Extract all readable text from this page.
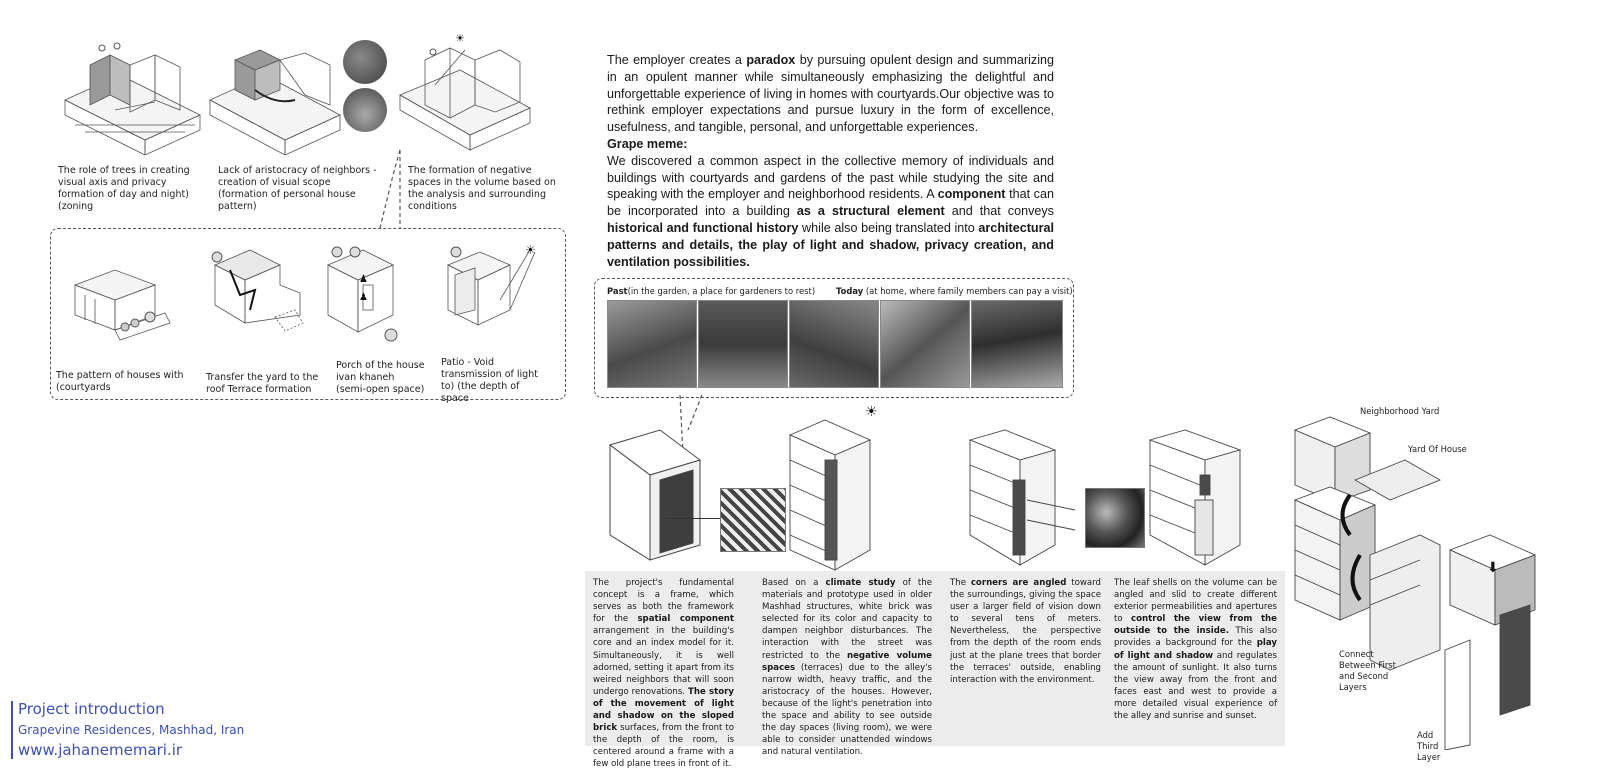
The role of trees in creating visual axis and privacy formation of day and night) (zoning
Lack of aristocracy of neighbors - creation of visual scope (formation of personal house pattern)
☀
The formation of negative spaces in the volume based on the analysis and surrounding conditions
The pattern of houses with (courtyards
Transfer the yard to the roof Terrace formation
♟
♟
Porch of the house ivan khaneh (semi-open space)
☀
Patio - Void transmission of light to) (the depth of space

The employer creates a paradox by pursuing opulent design and summarizing in an opulent manner while simultaneously emphasizing the delightful and unforgettable experience of living in homes with courtyards.Our objective was to rethink employer expectations and pursue luxury in the form of excellence, usefulness, and tangible, personal, and unforgettable experiences.

Grape meme:

We discovered a common aspect in the collective memory of individuals and buildings with courtyards and gardens of the past while studying the site and speaking with the employer and neighborhood residents. A component that can be incorporated into a building as a structural element and that conveys historical and functional history while also being translated into architectural patterns and details, the play of light and shadow, privacy creation, and ventilation possibilities.

Past(in the garden, a place for gardeners to rest) Today (at home, where family members can pay a visit)
☀
The project's fundamental concept is a frame, which serves as both the framework for the spatial component arrangement in the building's core and an index model for it. Simultaneously, it is well adorned, setting it apart from its weired neighbors that will soon undergo renovations. The story of the movement of light and shadow on the sloped brick surfaces, from the front to the depth of the room, is centered around a frame with a few old plane trees in front of it.
Based on a climate study of the materials and prototype used in older Mashhad structures, white brick was selected for its color and capacity to dampen neighbor disturbances. The interaction with the street was restricted to the negative volume spaces (terraces) due to the alley's narrow width, heavy traffic, and the aristocracy of the houses. However, because of the light's penetration into the space and ability to see outside the day spaces (living room), we were able to consider unattended windows and natural ventilation.
The corners are angled toward the surroundings, giving the space user a larger field of vision down to several tens of meters. Nevertheless, the perspective from the depth of the room ends just at the plane trees that border the terraces' outside, enabling interaction with the environment.
The leaf shells on the volume can be angled and slid to create different exterior permeabilities and apertures to control the view from the outside to the inside. This also provides a background for the play of light and shadow and regulates the amount of sunlight. It also turns the view away from the front and faces east and west to provide a more detailed visual experience of the alley and sunrise and sunset.
⬇
Neighborhood Yard
Yard Of House
Connect Between First and Second Layers
Add Third Layer
Project introduction
Grapevine Residences, Mashhad, Iran
www.jahanememari.ir
